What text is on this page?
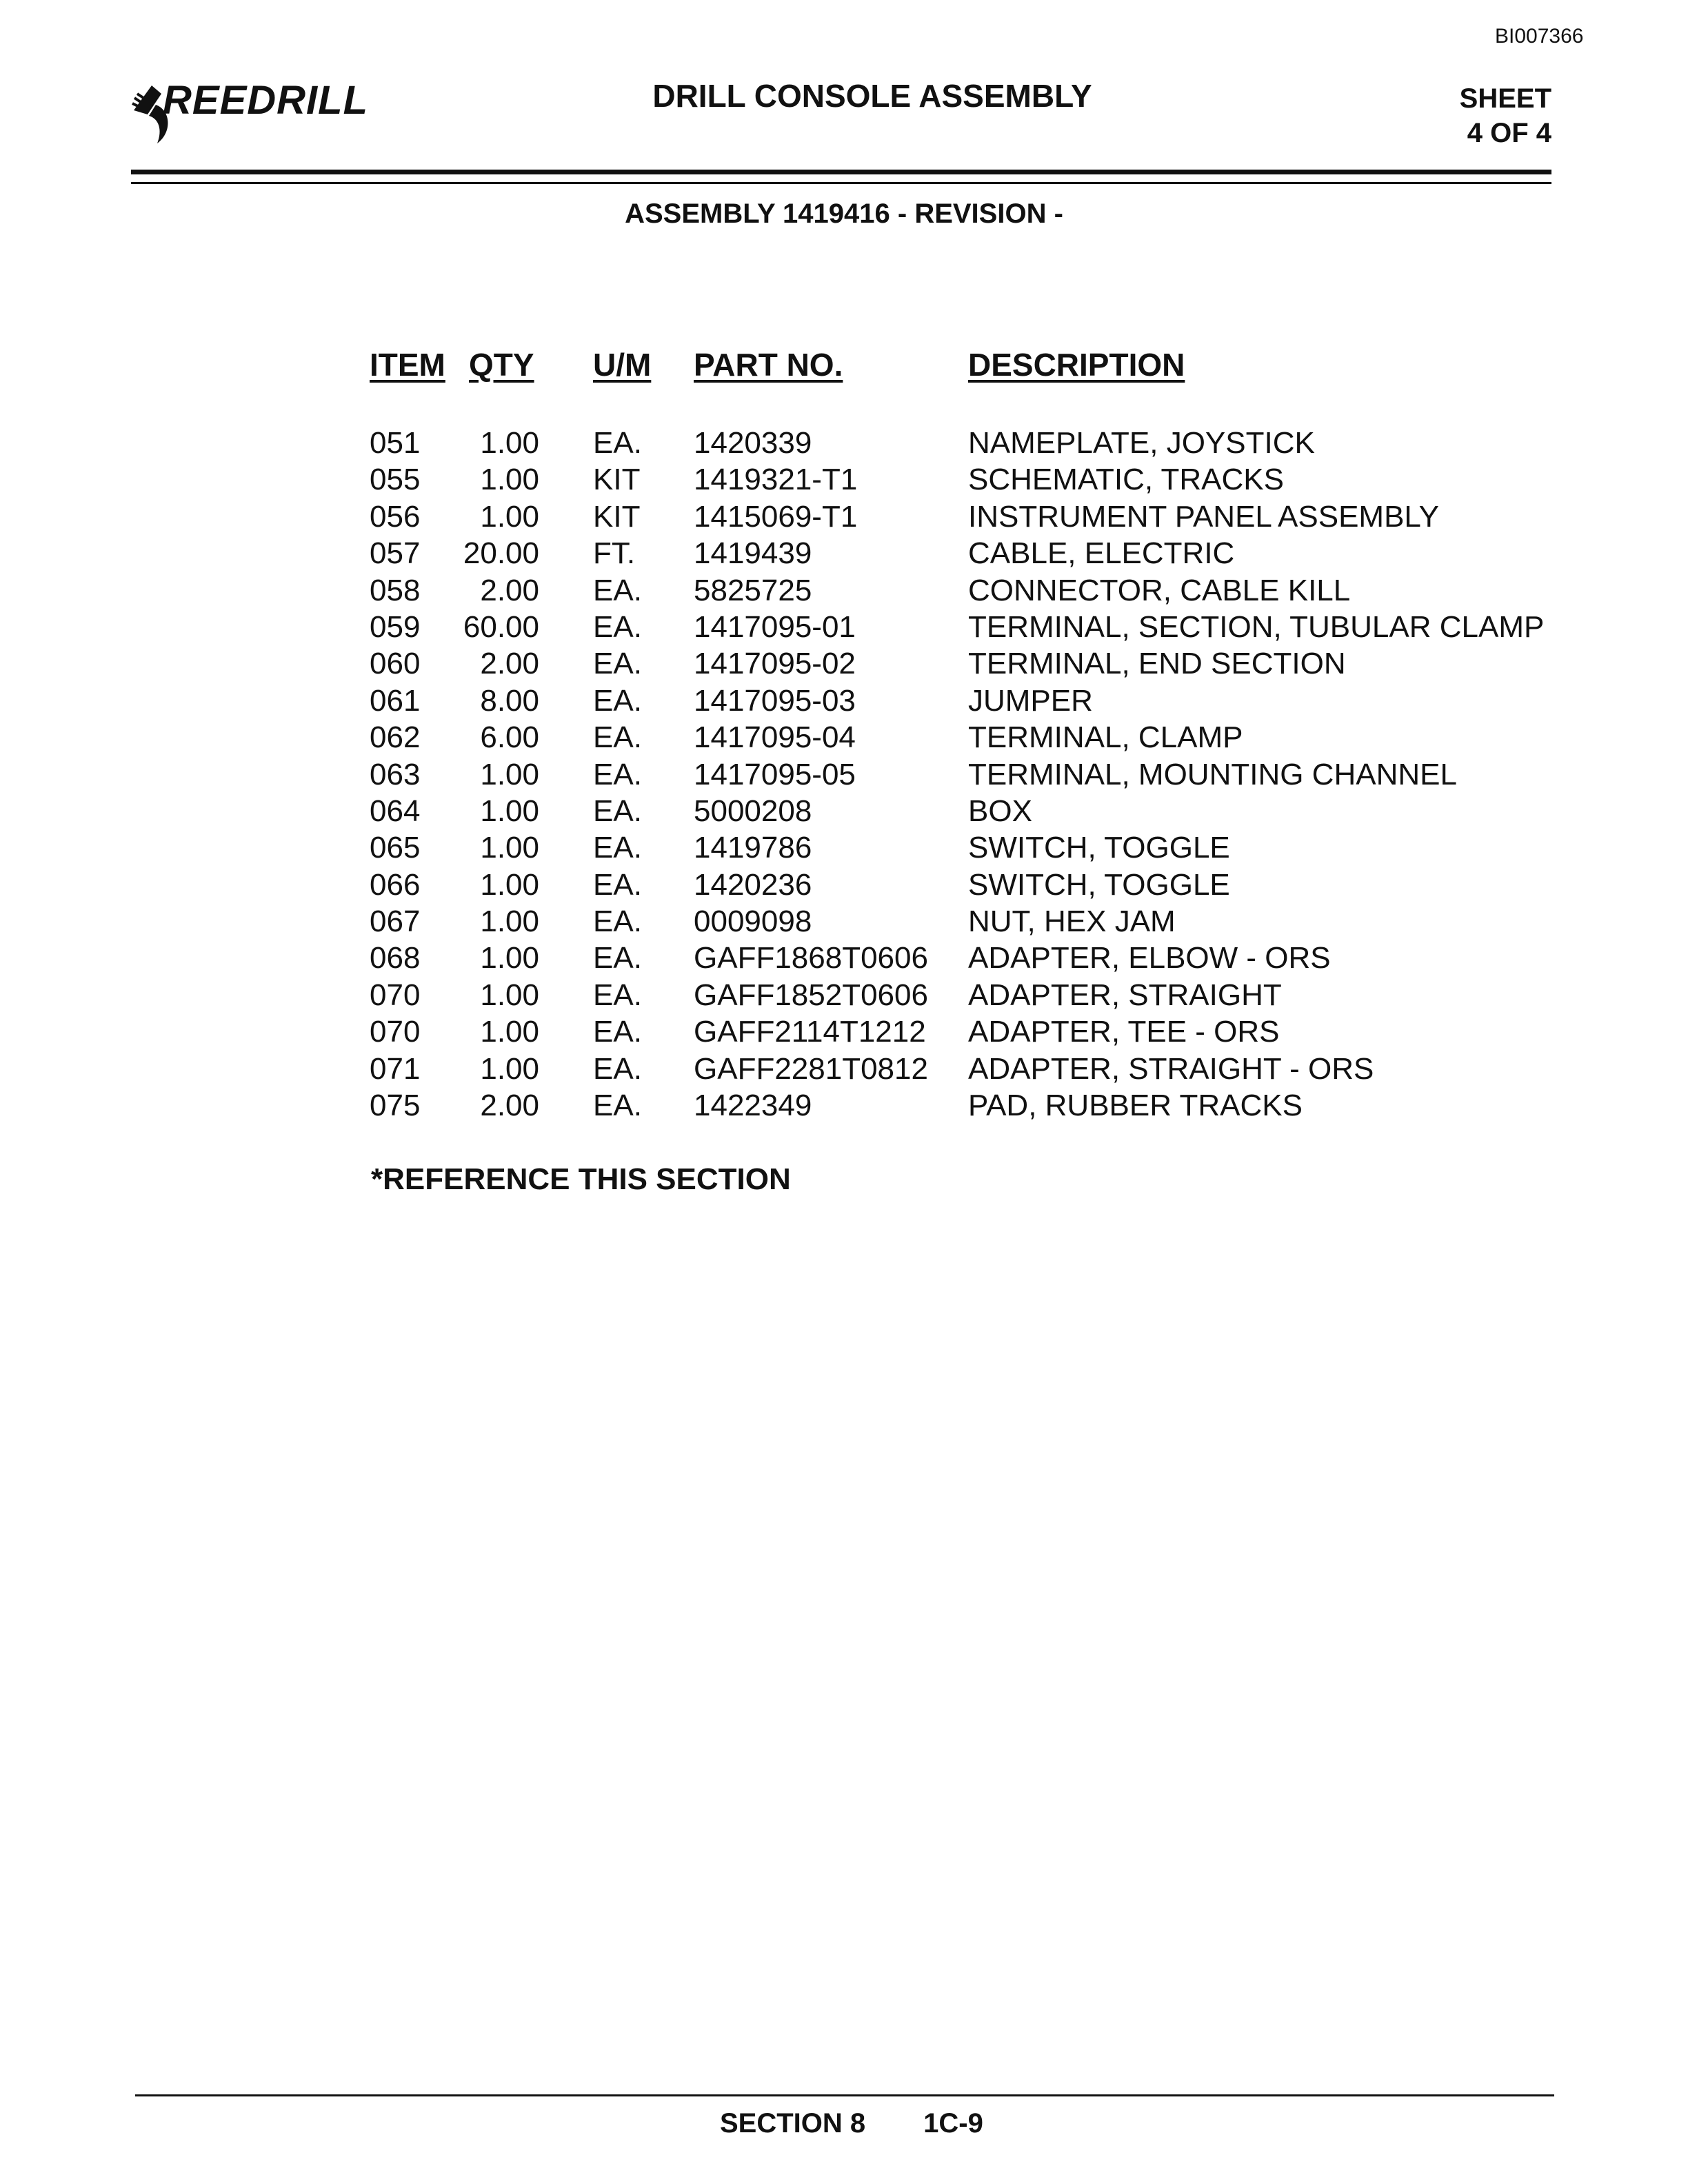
BI007366
REEDRILL	DRILL CONSOLE ASSEMBLY	SHEET
4 OF 4
ASSEMBLY 1419416 - REVISION -
ITEM QTY U/M PART NO.	DESCRIPTION
051	1.00 EA. 1420339	NAMEPLATE, JOYSTICK
055	1.00 KIT 1419321-T1	SCHEMATIC, TRACKS
056	1.00 KIT 1415069-T1	INSTRUMENT PANEL ASSEMBLY
057	20.00 FT. 1419439	CABLE, ELECTRIC
058	2.00 EA. 5825725	CONNECTOR, CABLE KILL
059	60.00 EA. 1417095-01	TERMINAL, SECTION, TUBULAR CLAMP
060	2.00 EA. 1417095-02	TERMINAL, END SECTION
061	8.00 EA. 1417095-03	JUMPER
062	6.00 EA. 1417095-04	TERMINAL, CLAMP
063	1.00 EA. 1417095-05	TERMINAL, MOUNTING CHANNEL
064	1.00 EA. 5000208	BOX
065	1.00 EA. 1419786	SWITCH, TOGGLE
066	1.00 EA. 1420236	SWITCH, TOGGLE
067	1.00 EA. 0009098	NUT, HEX JAM
068	1.00 EA. GAFF1868T0606 ADAPTER, ELBOW - ORS
070	1.00 EA. GAFF1852T0606 ADAPTER, STRAIGHT
070	1.00 EA. GAFF2114T1212 ADAPTER, TEE - ORS
071	1.00 EA. GAFF2281T0812 ADAPTER, STRAIGHT - ORS
075	2.00 EA. 1422349	PAD, RUBBER TRACKS
*REFERENCE THIS SECTION
SECTION 8 1C-9
